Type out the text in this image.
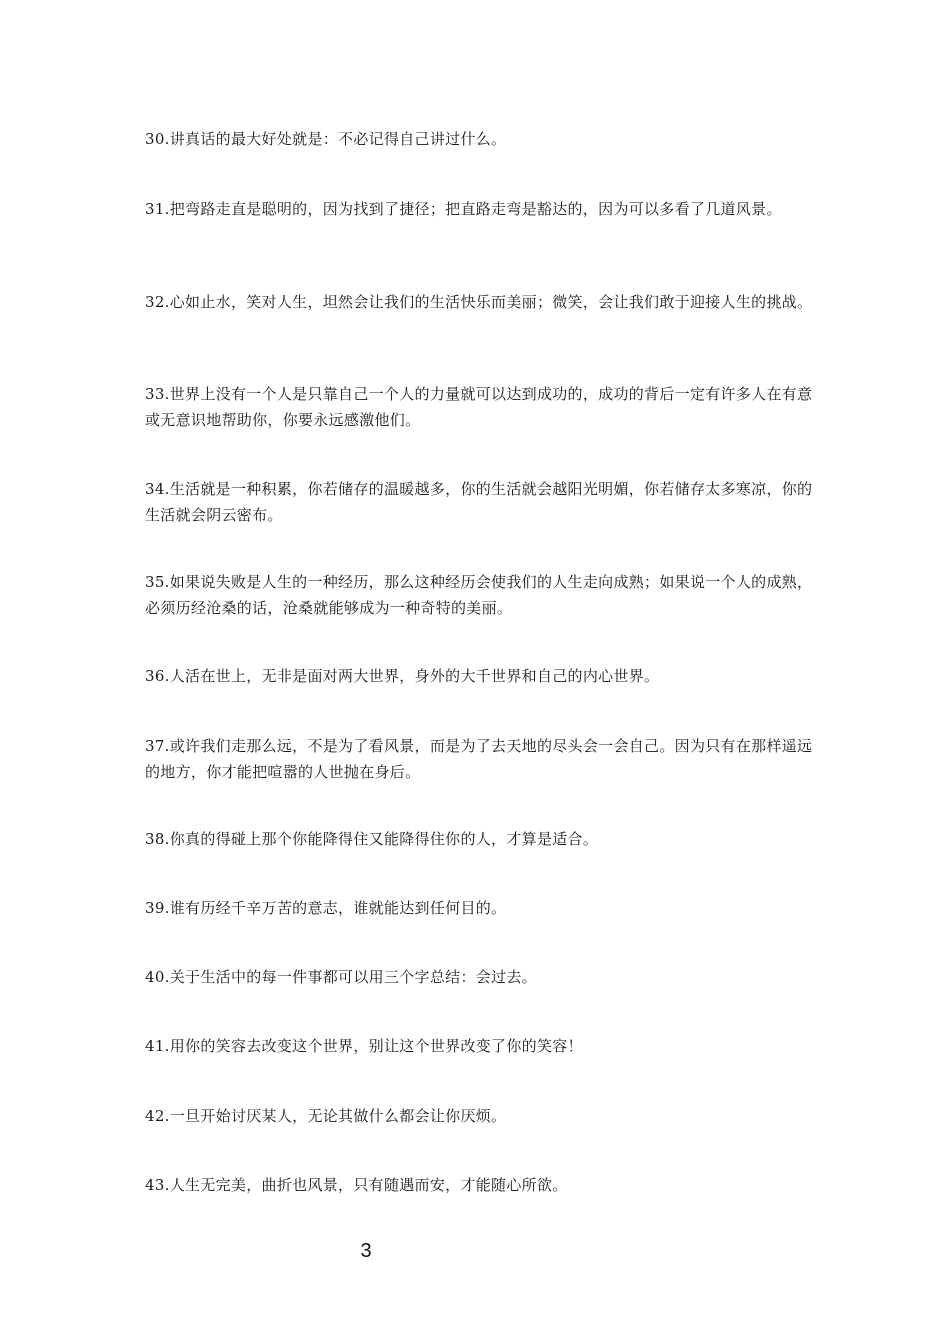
30.讲真话的最大好处就是：不必记得自己讲过什么。

31.把弯路走直是聪明的，因为找到了捷径；把直路走弯是豁达的，因为可以多看了几道风景。

32.心如止水，笑对人生，坦然会让我们的生活快乐而美丽；微笑，会让我们敢于迎接人生的挑战。

33.世界上没有一个人是只靠自己一个人的力量就可以达到成功的，成功的背后一定有许多人在有意或无意识地帮助你，你要永远感激他们。

34.生活就是一种积累，你若储存的温暖越多，你的生活就会越阳光明媚，你若储存太多寒凉，你的生活就会阴云密布。

35.如果说失败是人生的一种经历，那么这种经历会使我们的人生走向成熟；如果说一个人的成熟，必须历经沧桑的话，沧桑就能够成为一种奇特的美丽。

36.人活在世上，无非是面对两大世界，身外的大千世界和自己的内心世界。

37.或许我们走那么远，不是为了看风景，而是为了去天地的尽头会一会自己。因为只有在那样遥远的地方，你才能把喧嚣的人世抛在身后。

38.你真的得碰上那个你能降得住又能降得住你的人，才算是适合。

39.谁有历经千辛万苦的意志，谁就能达到任何目的。

40.关于生活中的每一件事都可以用三个字总结：会过去。

41.用你的笑容去改变这个世界，别让这个世界改变了你的笑容！

42.一旦开始讨厌某人，无论其做什么都会让你厌烦。

43.人生无完美，曲折也风景，只有随遇而安，才能随心所欲。

3
